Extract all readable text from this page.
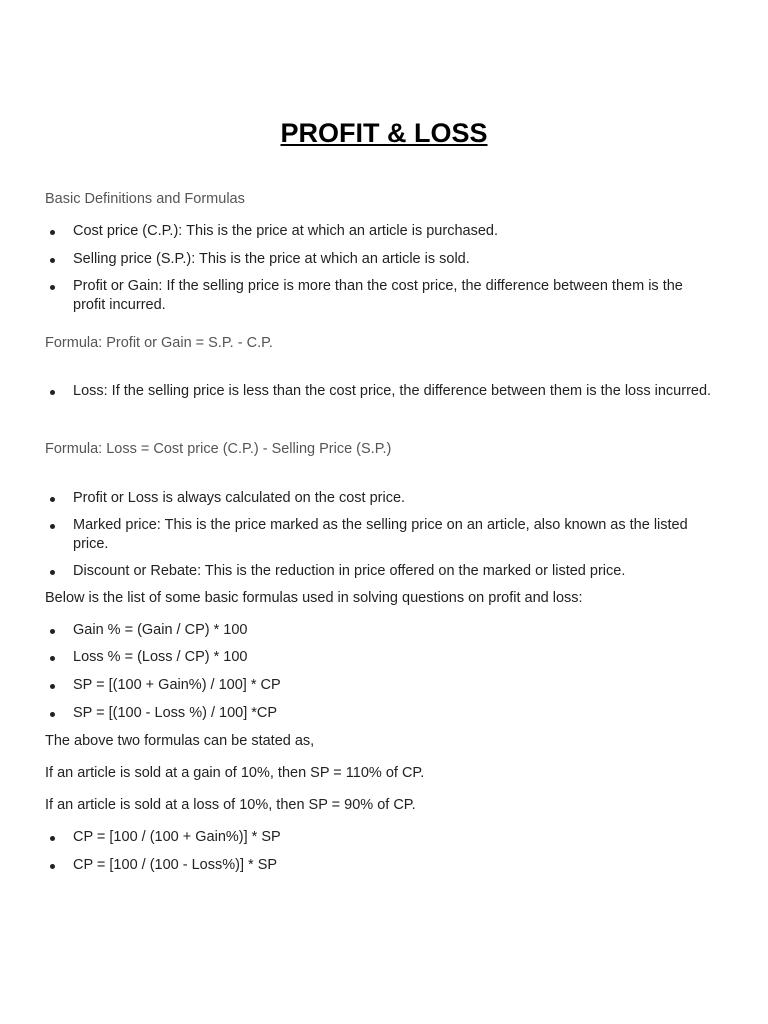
PROFIT & LOSS
Basic Definitions and Formulas
Cost price (C.P.): This is the price at which an article is purchased.
Selling price (S.P.): This is the price at which an article is sold.
Profit or Gain: If the selling price is more than the cost price, the difference between them is the profit incurred.
Formula: Profit or Gain = S.P. - C.P.
Loss: If the selling price is less than the cost price, the difference between them is the loss incurred.
Formula: Loss = Cost price (C.P.) - Selling Price (S.P.)
Profit or Loss is always calculated on the cost price.
Marked price: This is the price marked as the selling price on an article, also known as the listed price.
Discount or Rebate: This is the reduction in price offered on the marked or listed price.
Below is the list of some basic formulas used in solving questions on profit and loss:
Gain % = (Gain / CP) * 100
Loss % = (Loss / CP) * 100
SP = [(100 + Gain%) / 100] * CP
SP = [(100 - Loss %) / 100] *CP
The above two formulas can be stated as,
If an article is sold at a gain of 10%, then SP = 110% of CP.
If an article is sold at a loss of 10%, then SP = 90% of CP.
CP = [100 / (100 + Gain%)] * SP
CP = [100 / (100 - Loss%)] * SP
